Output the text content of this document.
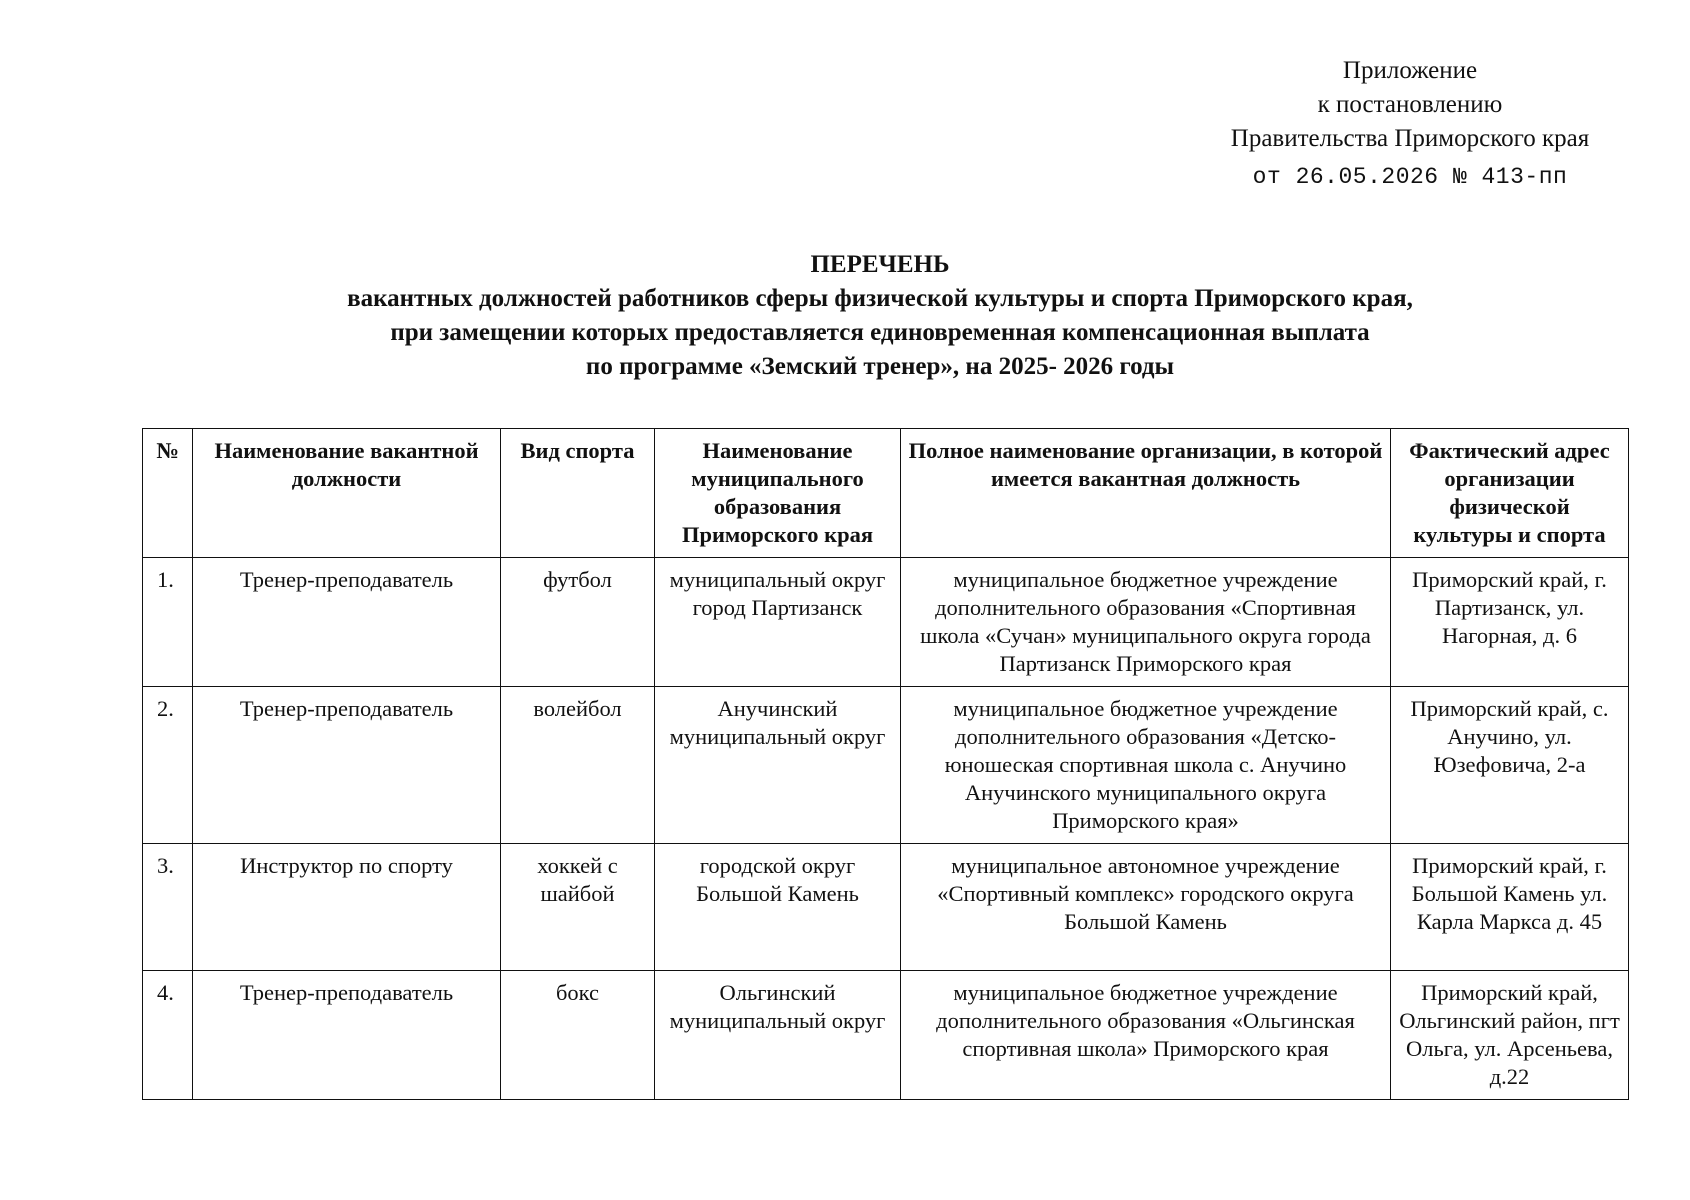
Приложение
к постановлению
Правительства Приморского края
от 26.05.2026 № 413-пп
ПЕРЕЧЕНЬ
вакантных должностей работников сферы физической культуры и спорта Приморского края,
при замещении которых предоставляется единовременная компенсационная выплата
по программе «Земский тренер», на 2025- 2026 годы
№	Наименование вакантной должности	Вид спорта	Наименование муниципального образования Приморского края	Полное наименование организации, в которой имеется вакантная должность	Фактический адрес организации физической культуры и спорта
1.	Тренер-преподаватель	футбол	муниципальный округ город Партизанск	муниципальное бюджетное учреждение дополнительного образования «Спортивная школа «Сучан» муниципального округа города Партизанск Приморского края	Приморский край, г. Партизанск, ул. Нагорная, д. 6
2.	Тренер-преподаватель	волейбол	Анучинский муниципальный округ	муниципальное бюджетное учреждение дополнительного образования «Детско-юношеская спортивная школа с. Анучино Анучинского муниципального округа Приморского края»	Приморский край, с. Анучино, ул. Юзефовича, 2-а
3.	Инструктор по спорту	хоккей с шайбой	городской округ Большой Камень	муниципальное автономное учреждение «Спортивный комплекс» городского округа Большой Камень	Приморский край, г. Большой Камень ул. Карла Маркса д. 45
4.	Тренер-преподаватель	бокс	Ольгинский муниципальный округ	муниципальное бюджетное учреждение дополнительного образования «Ольгинская спортивная школа» Приморского края	Приморский край, Ольгинский район, пгт Ольга, ул. Арсеньева, д.22
